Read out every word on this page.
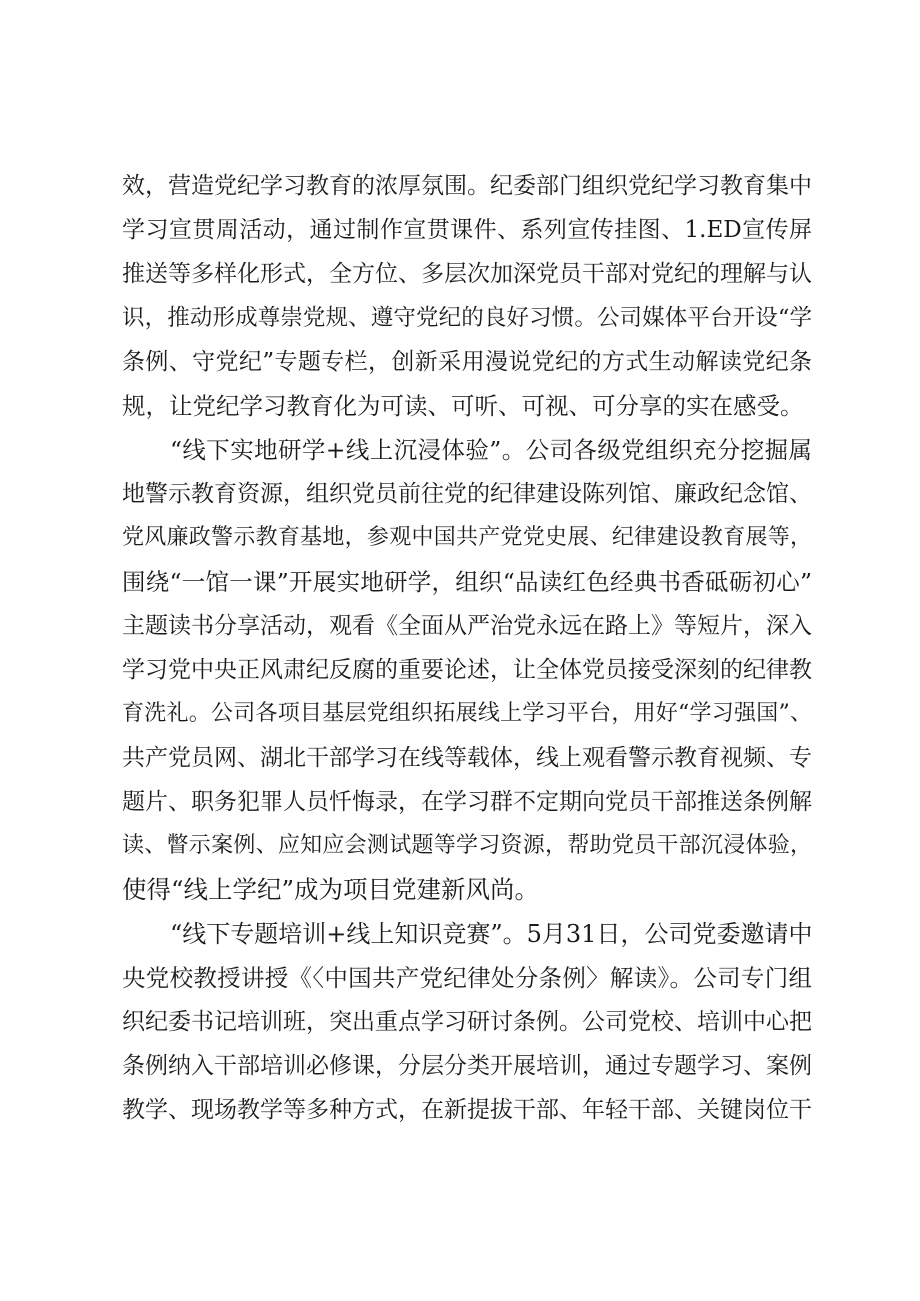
效，营造党纪学习教育的浓厚氛围。纪委部门组织党纪学习教育集中
学习宣贯周活动，通过制作宣贯课件、系列宣传挂图、1.ED宣传屏
推送等多样化形式，全方位、多层次加深党员干部对党纪的理解与认
识，推动形成尊崇党规、遵守党纪的良好习惯。公司媒体平台开设“学
条例、守党纪”专题专栏，创新采用漫说党纪的方式生动解读党纪条
规，让党纪学习教育化为可读、可听、可视、可分享的实在感受。
“线下实地研学+线上沉浸体验”。公司各级党组织充分挖掘属
地警示教育资源，组织党员前往党的纪律建设陈列馆、廉政纪念馆、
党风廉政警示教育基地，参观中国共产党党史展、纪律建设教育展等，
围绕“一馆一课”开展实地研学，组织“品读红色经典书香砥砺初心”
主题读书分享活动，观看《全面从严治党永远在路上》等短片，深入
学习党中央正风肃纪反腐的重要论述，让全体党员接受深刻的纪律教
育洗礼。公司各项目基层党组织拓展线上学习平台，用好“学习强国”、
共产党员网、湖北干部学习在线等载体，线上观看警示教育视频、专
题片、职务犯罪人员忏悔录，在学习群不定期向党员干部推送条例解
读、瞥示案例、应知应会测试题等学习资源，帮助党员干部沉浸体验，
使得“线上学纪”成为项目党建新风尚。
“线下专题培训+线上知识竞赛”。5月31日，公司党委邀请中
央党校教授讲授《〈中国共产党纪律处分条例〉解读》。公司专门组
织纪委书记培训班，突出重点学习研讨条例。公司党校、培训中心把
条例纳入干部培训必修课，分层分类开展培训，通过专题学习、案例
教学、现场教学等多种方式，在新提拔干部、年轻干部、关键岗位干
